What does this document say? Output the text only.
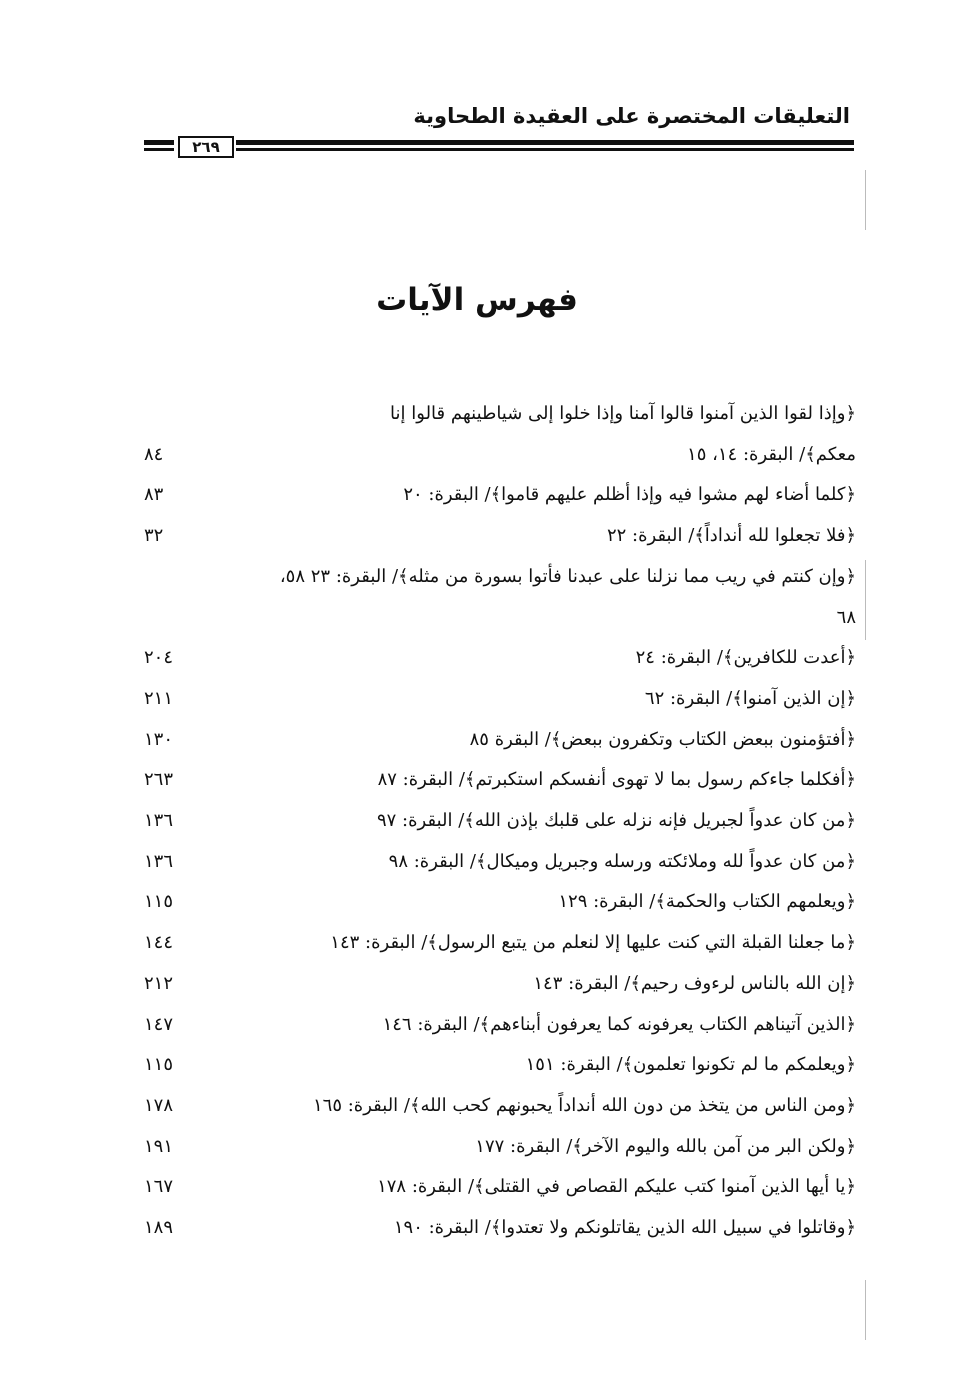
التعليقات المختصرة على العقيدة الطحاوية
٢٦٩
فهرس الآيات
﴿وإذا لقوا الذين آمنوا قالوا آمنا وإذا خلوا إلى شياطينهم قالوا إنا
معكم﴾/ البقرة: ١٤، ١٥
٨٤
﴿كلما أضاء لهم مشوا فيه وإذا أظلم عليهم قاموا﴾/ البقرة: ٢٠
٨٣
﴿فلا تجعلوا لله أنداداً﴾/ البقرة: ٢٢
٣٢
﴿وإن كنتم في ريب مما نزلنا على عبدنا فأتوا بسورة من مثله﴾/ البقرة: ٢٣ ٥٨،
٦٨
﴿أعدت للكافرين﴾/ البقرة: ٢٤
٢٠٤
﴿إن الذين آمنوا﴾/ البقرة: ٦٢
٢١١
﴿أفتؤمنون ببعض الكتاب وتكفرون ببعض﴾/ البقرة ٨٥
١٣٠
﴿أفكلما جاءكم رسول بما لا تهوى أنفسكم استكبرتم﴾/ البقرة: ٨٧
٢٦٣
﴿من كان عدواً لجبريل فإنه نزله على قلبك بإذن الله﴾/ البقرة: ٩٧
١٣٦
﴿من كان عدواً لله وملائكته ورسله وجبريل وميكال﴾/ البقرة: ٩٨
١٣٦
﴿ويعلمهم الكتاب والحكمة﴾/ البقرة: ١٢٩
١١٥
﴿ما جعلنا القبلة التي كنت عليها إلا لنعلم من يتبع الرسول﴾/ البقرة: ١٤٣
١٤٤
﴿إن الله بالناس لرءوف رحيم﴾/ البقرة: ١٤٣
٢١٢
﴿الذين آتيناهم الكتاب يعرفونه كما يعرفون أبناءهم﴾/ البقرة: ١٤٦
١٤٧
﴿ويعلمكم ما لم تكونوا تعلمون﴾/ البقرة: ١٥١
١١٥
﴿ومن الناس من يتخذ من دون الله أنداداً يحبونهم كحب الله﴾/ البقرة: ١٦٥
١٧٨
﴿ولكن البر من آمن بالله واليوم الآخر﴾/ البقرة: ١٧٧
١٩١
﴿يا أيها الذين آمنوا كتب عليكم القصاص في القتلى﴾/ البقرة: ١٧٨
١٦٧
﴿وقاتلوا في سبيل الله الذين يقاتلونكم ولا تعتدوا﴾/ البقرة: ١٩٠
١٨٩
